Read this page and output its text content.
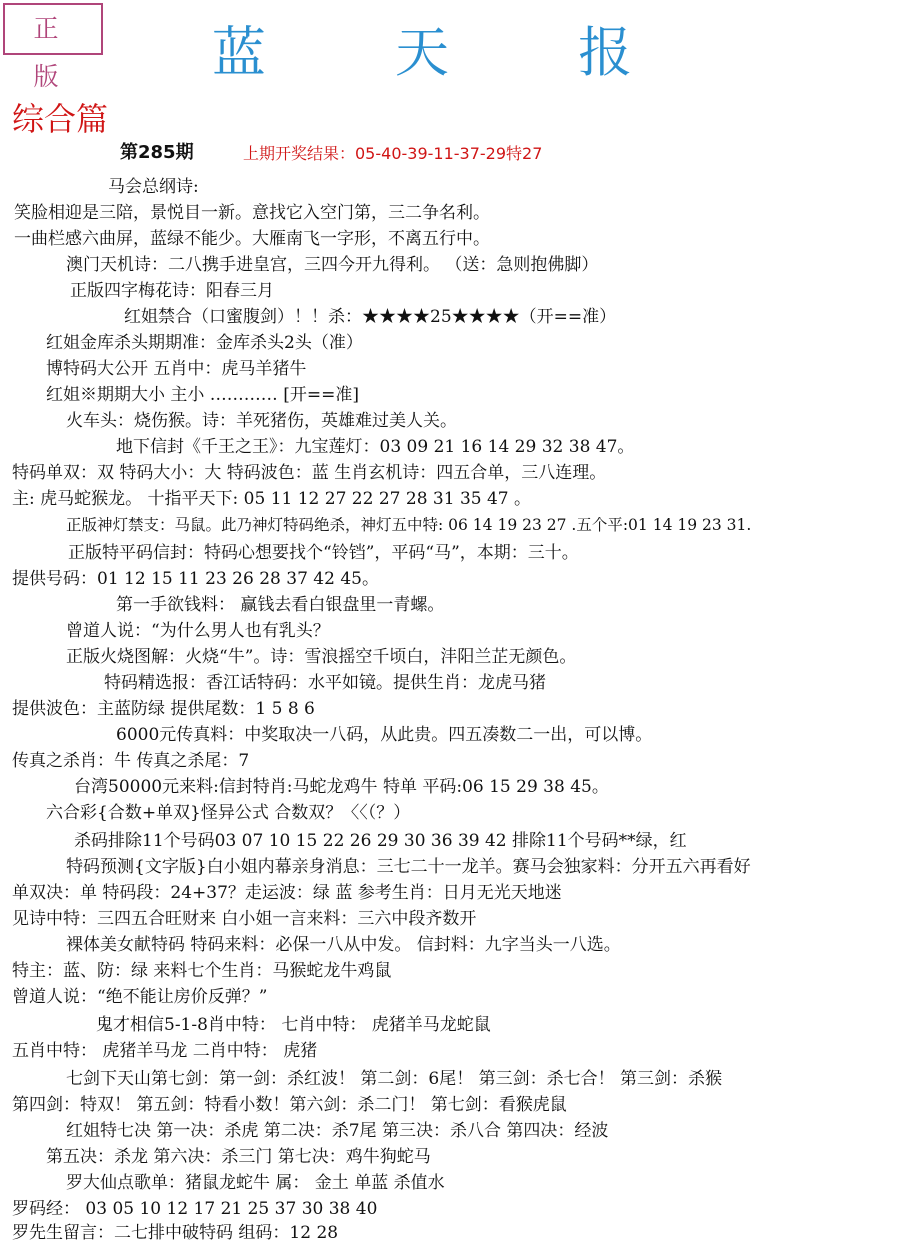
正 版	蓝 天 报
综合篇
第285期	上期开奖结果：05-40-39-11-37-29特27
马会总纲诗:
笑脸相迎是三陪，景悦目一新。意找它入空门第，三二争名利。
一曲栏感六曲屏，蓝绿不能少。大雁南飞一字形，不离五行中。
澳门天机诗：二八携手进皇宫，三四今开九得利。 （送：急则抱佛脚）
正版四字梅花诗：阳春三月
红姐禁合（口蜜腹剑）！！杀：★★★★25★★★★（开==准）
红姐金库杀头期期准：金库杀头2头（准）
博特码大公开 五肖中：虎马羊猪牛
红姐※期期大小 主小 ………… [开==准]
火车头：烧伤猴。诗：羊死猪伤，英雄难过美人关。
地下信封《千王之王》：九宝莲灯：03 09 21 16 14 29 32 38 47。
特码单双：双 特码大小：大 特码波色：蓝 生肖玄机诗：四五合单，三八连理。
主: 虎马蛇猴龙。 十指平天下: 05 11 12 27 22 27 28 31 35 47 。
正版神灯禁支：马鼠。此乃神灯特码绝杀，神灯五中特: 06 14 19 23 27 .五个平:01 14 19 23 31.
正版特平码信封：特码心想要找个“铃铛”，平码“马”，本期：三十。
提供号码：01 12 15 11 23 26 28 37 42 45。
第一手欲钱料： 赢钱去看白银盘里一青螺。
曾道人说：“为什么男人也有乳头？
正版火烧图解：火烧“牛”。诗：雪浪摇空千顷白，沣阳兰芷无颜色。
特码精选报：香江话特码：水平如镜。提供生肖：龙虎马猪
提供波色：主蓝防绿 提供尾数：1 5 8 6
6000元传真料：中奖取决一八码，从此贵。四五凑数二一出，可以博。
传真之杀肖：牛 传真之杀尾：7
台湾50000元来料:信封特肖:马蛇龙鸡牛 特单 平码:06 15 29 38 45。
六合彩{合数+单双}怪异公式 合数双？〈〈（？）
杀码排除11个号码03 07 10 15 22 26 29 30 36 39 42 排除11个号码**绿，红
特码预测{文字版}白小姐内幕亲身消息：三七二十一龙羊。赛马会独家料：分开五六再看好
单双决：单 特码段：24+37？走运波：绿 蓝 参考生肖：日月无光天地迷
见诗中特：三四五合旺财来 白小姐一言来料：三六中段齐数开
裸体美女献特码 特码来料：必保一八从中发。 信封料：九字当头一八选。
特主：蓝、防：绿 来料七个生肖：马猴蛇龙牛鸡鼠
曾道人说：“绝不能让房价反弹？”
鬼才相信5-1-8肖中特： 七肖中特： 虎猪羊马龙蛇鼠
五肖中特： 虎猪羊马龙 二肖中特： 虎猪
七剑下天山第七剑：第一剑：杀红波！ 第二剑：6尾！ 第三剑：杀七合！ 第三剑：杀猴
第四剑：特双！ 第五剑：特看小数！第六剑：杀二门！ 第七剑：看猴虎鼠
红姐特七决 第一决：杀虎 第二决：杀7尾 第三决：杀八合 第四决：经波
第五决：杀龙 第六决：杀三门 第七决：鸡牛狗蛇马
罗大仙点歌单：猪鼠龙蛇牛 属： 金土 单蓝 杀值水
罗码经： 03 05 10 12 17 21 25 37 30 38 40
罗先生留言：二七排中破特码 组码：12 28
